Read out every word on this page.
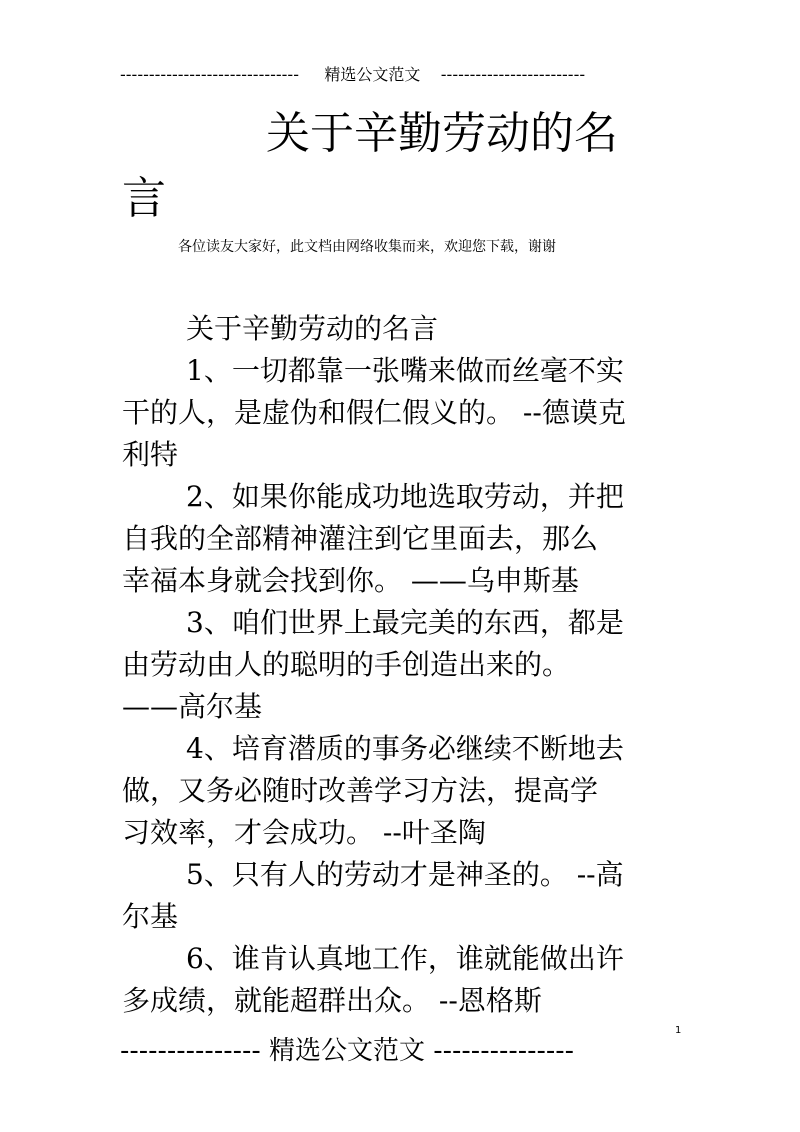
------------------------------- 精选公文范文 -------------------------
关于辛勤劳动的名
言
各位读友大家好，此文档由网络收集而来，欢迎您下载，谢谢

关于辛勤劳动的名言

1、一切都靠一张嘴来做而丝毫不实

干的人，是虚伪和假仁假义的。 --德谟克

利特

2、如果你能成功地选取劳动，并把

自我的全部精神灌注到它里面去，那么

幸福本身就会找到你。 ——乌申斯基

3、咱们世界上最完美的东西，都是

由劳动由人的聪明的手创造出来的。

——高尔基

4、培育潜质的事务必继续不断地去

做，又务必随时改善学习方法，提高学

习效率，才会成功。 --叶圣陶

5、只有人的劳动才是神圣的。 --高

尔基

6、谁肯认真地工作，谁就能做出许

多成绩，就能超群出众。 --恩格斯

1
--------------- 精选公文范文 ---------------
